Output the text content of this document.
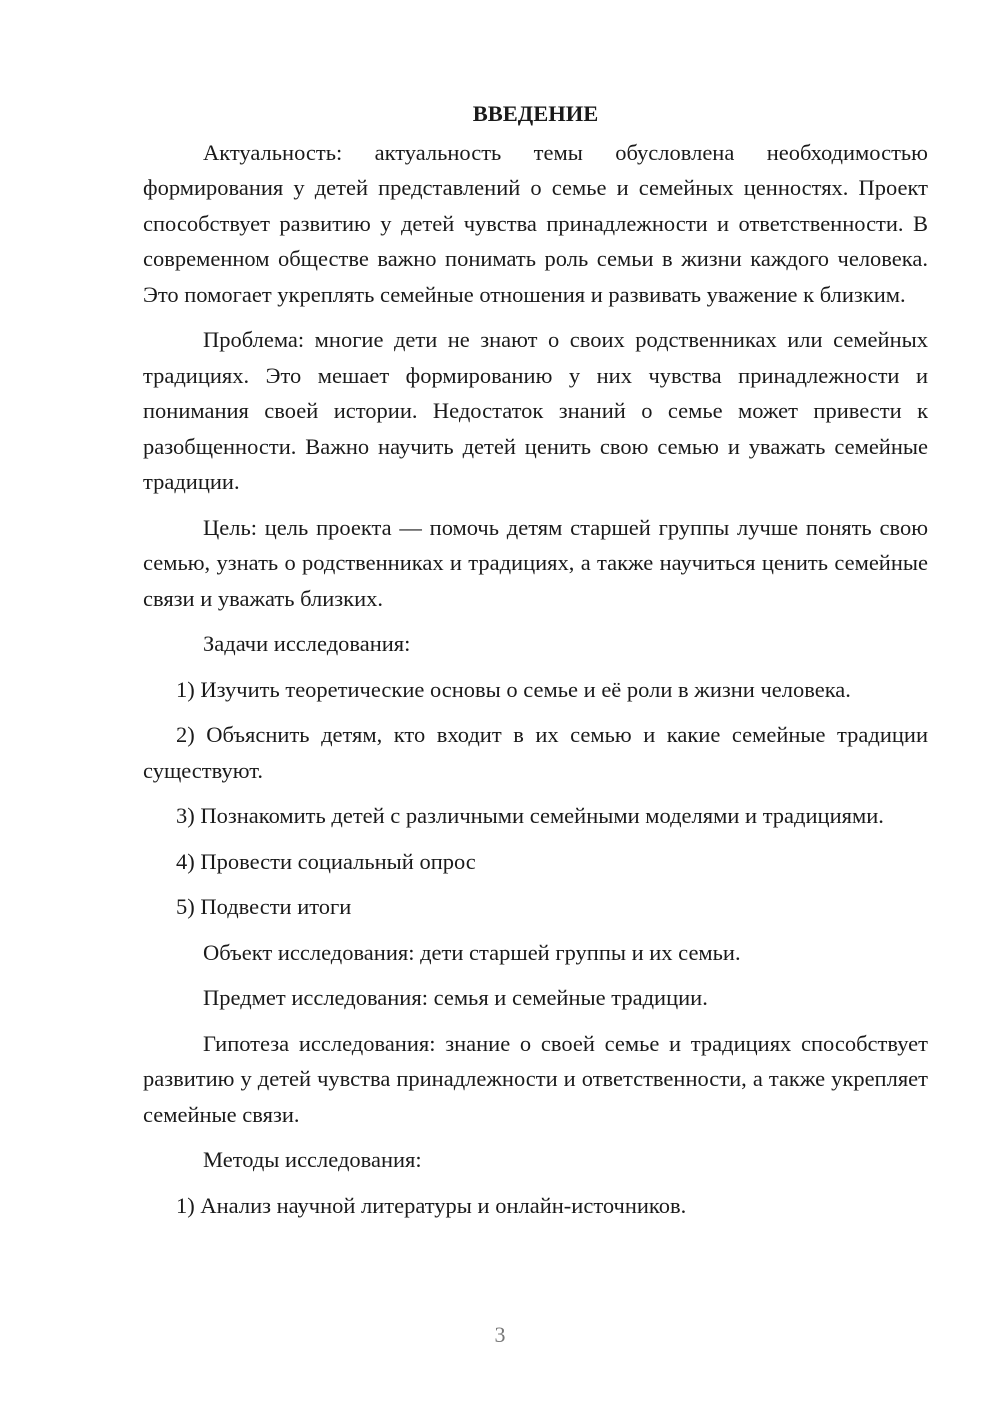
ВВЕДЕНИЕ

Актуальность: актуальность темы обусловлена необходимостью формирования у детей представлений о семье и семейных ценностях. Проект способствует развитию у детей чувства принадлежности и ответственности. В современном обществе важно понимать роль семьи в жизни каждого человека. Это помогает укреплять семейные отношения и развивать уважение к близким.

Проблема: многие дети не знают о своих родственниках или семейных традициях. Это мешает формированию у них чувства принадлежности и понимания своей истории. Недостаток знаний о семье может привести к разобщенности. Важно научить детей ценить свою семью и уважать семейные традиции.

Цель: цель проекта — помочь детям старшей группы лучше понять свою семью, узнать о родственниках и традициях, а также научиться ценить семейные связи и уважать близких.

Задачи исследования:

1) Изучить теоретические основы о семье и её роли в жизни человека.

2) Объяснить детям, кто входит в их семью и какие семейные традиции существуют.

3) Познакомить детей с различными семейными моделями и традициями.

4) Провести социальный опрос

5) Подвести итоги

Объект исследования: дети старшей группы и их семьи.

Предмет исследования: семья и семейные традиции.

Гипотеза исследования: знание о своей семье и традициях способствует развитию у детей чувства принадлежности и ответственности, а также укрепляет семейные связи.

Методы исследования:

1) Анализ научной литературы и онлайн-источников.

3
